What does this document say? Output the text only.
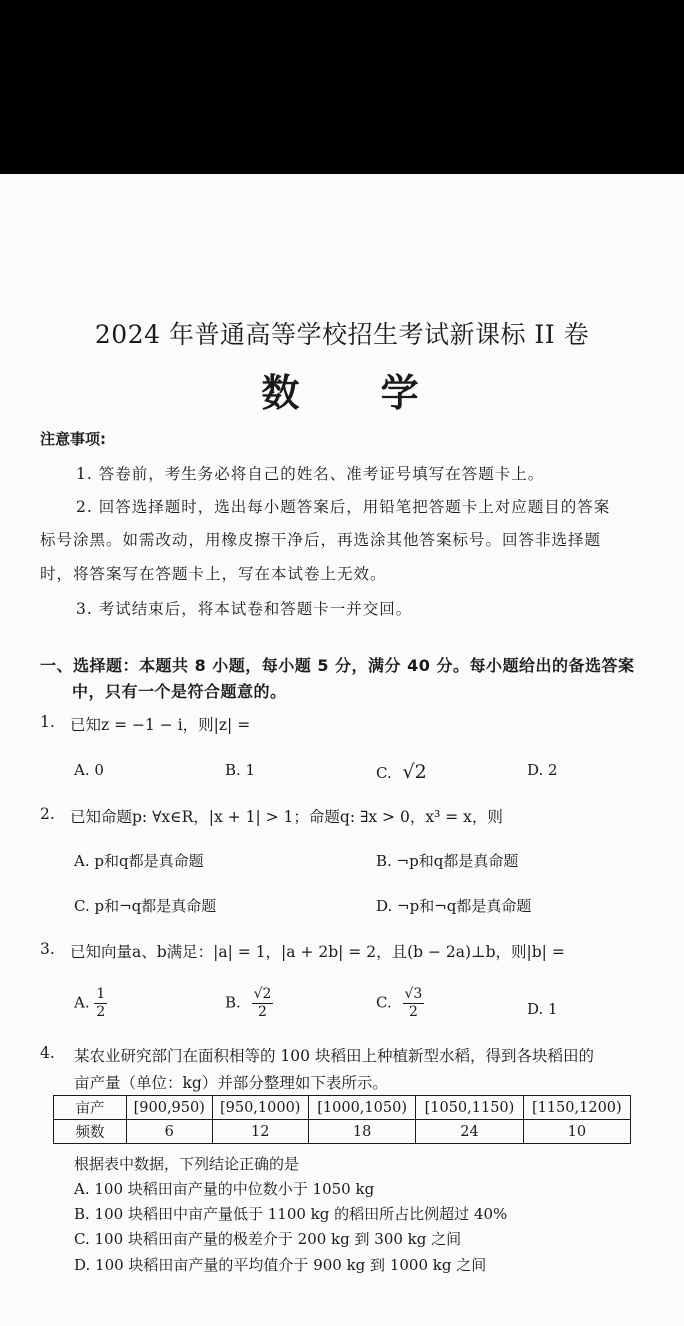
2024 年普通高等学校招生考试新课标 II 卷
数 学
注意事项:
1. 答卷前，考生务必将自己的姓名、准考证号填写在答题卡上。
2. 回答选择题时，选出每小题答案后，用铅笔把答题卡上对应题目的答案
标号涂黑。如需改动，用橡皮擦干净后，再选涂其他答案标号。回答非选择题
时，将答案写在答题卡上，写在本试卷上无效。
3. 考试结束后，将本试卷和答题卡一并交回。
一、选择题：本题共 8 小题，每小题 5 分，满分 40 分。每小题给出的备选答案
中，只有一个是符合题意的。
1. 已知z = −1 − i，则|z| =
A. 0	B. 1	C. √2	D. 2
2. 已知命题p: ∀x∈R，|x + 1| > 1；命题q: ∃x > 0，x³ = x，则
A. p和q都是真命题	B. ¬p和q都是真命题
C. p和¬q都是真命题	D. ¬p和¬q都是真命题
3. 已知向量a、b满足：|a| = 1，|a + 2b| = 2，且(b − 2a)⊥b，则|b| =
A. $\frac{1}{2}$	B. $\frac{√2}{2}$	C. $\frac{√3}{2}$	D. 1
4. 某农业研究部门在面积相等的 100 块稻田上种植新型水稻，得到各块稻田的
亩产量（单位：kg）并部分整理如下表所示。
亩产	[900,950)	[950,1000)	[1000,1050)	[1050,1150)	[1150,1200)
频数	6	12	18	24	10
根据表中数据，下列结论正确的是
A. 100 块稻田亩产量的中位数小于 1050 kg
B. 100 块稻田中亩产量低于 1100 kg 的稻田所占比例超过 40%
C. 100 块稻田亩产量的极差介于 200 kg 到 300 kg 之间
D. 100 块稻田亩产量的平均值介于 900 kg 到 1000 kg 之间
